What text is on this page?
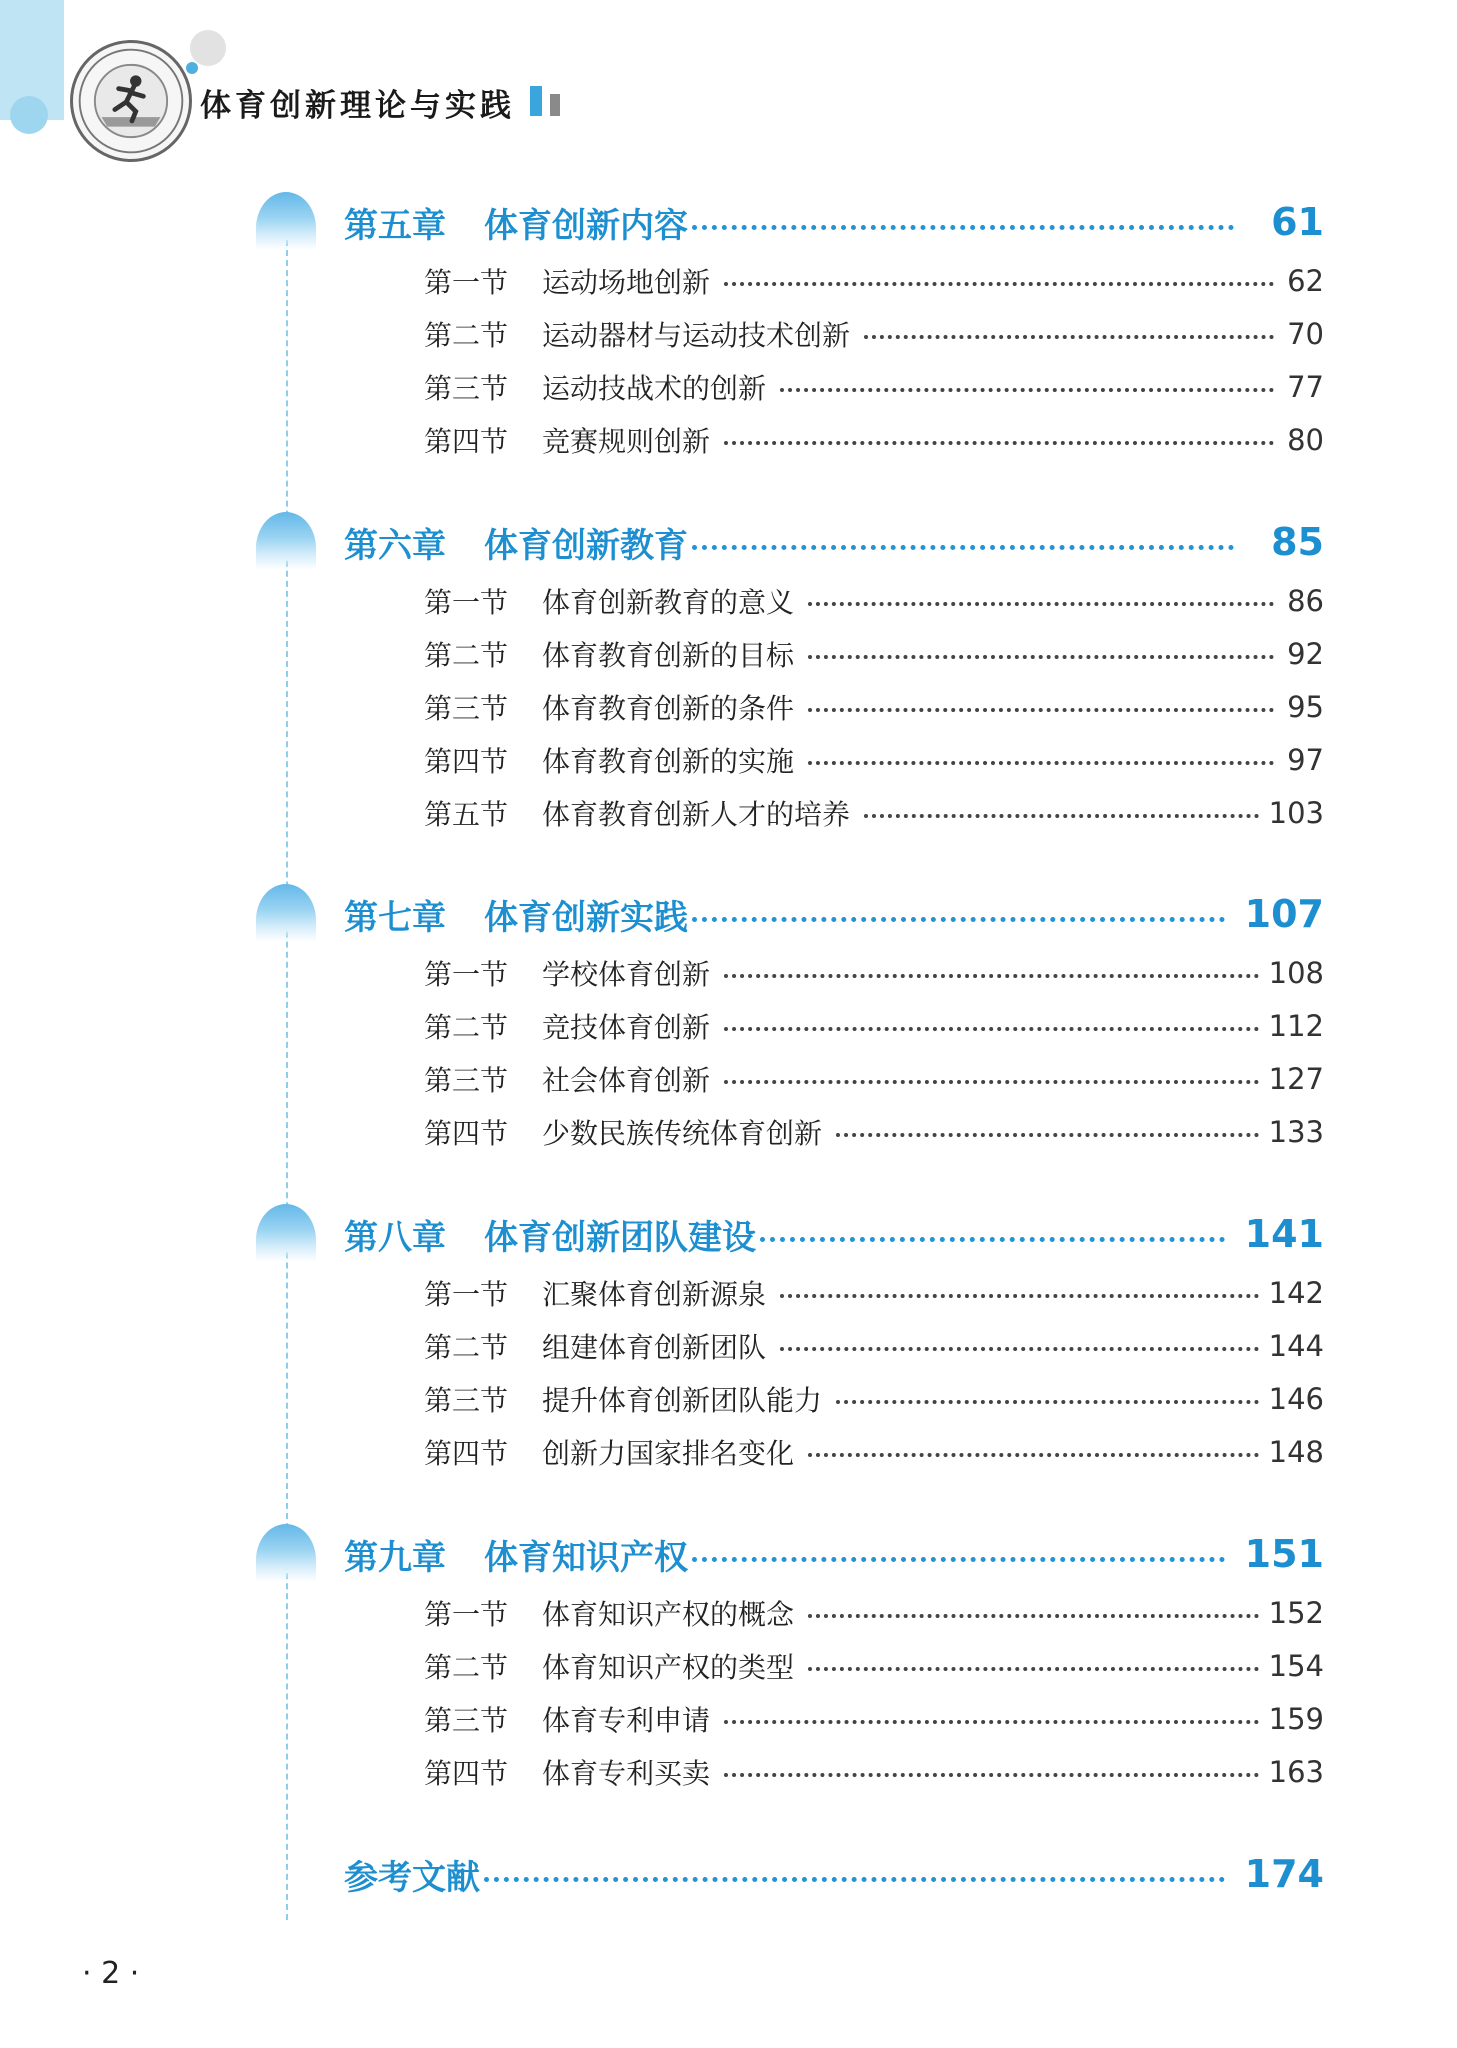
体育创新理论与实践
第五章	体育创新内容	61
第一节	运动场地创新	62
第二节	运动器材与运动技术创新	70
第三节	运动技战术的创新	77
第四节	竞赛规则创新	80
第六章	体育创新教育	85
第一节	体育创新教育的意义	86
第二节	体育教育创新的目标	92
第三节	体育教育创新的条件	95
第四节	体育教育创新的实施	97
第五节	体育教育创新人才的培养	103
第七章	体育创新实践	107
第一节	学校体育创新	108
第二节	竞技体育创新	112
第三节	社会体育创新	127
第四节	少数民族传统体育创新	133
第八章	体育创新团队建设	141
第一节	汇聚体育创新源泉	142
第二节	组建体育创新团队	144
第三节	提升体育创新团队能力	146
第四节	创新力国家排名变化	148
第九章	体育知识产权	151
第一节	体育知识产权的概念	152
第二节	体育知识产权的类型	154
第三节	体育专利申请	159
第四节	体育专利买卖	163
参考文献	174
· 2 ·
